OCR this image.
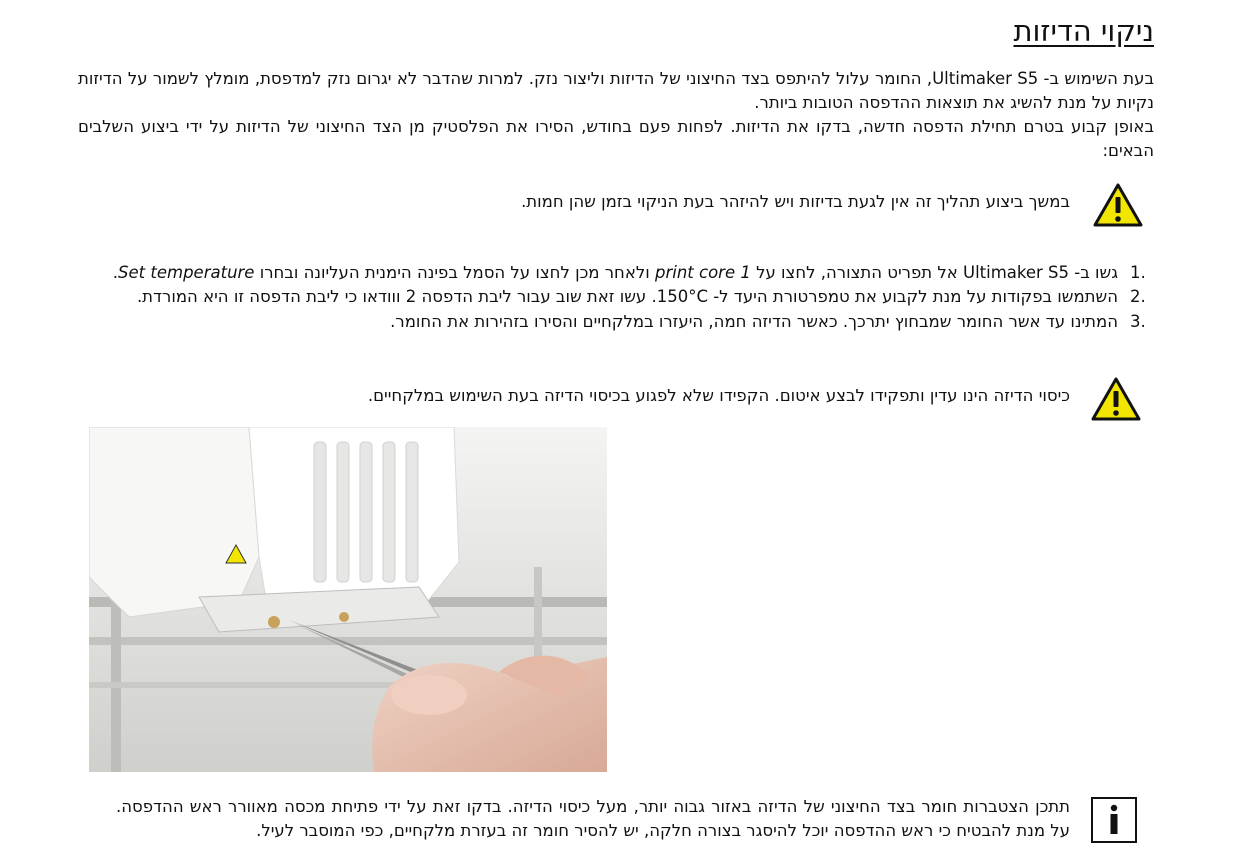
ניקוי הדיזות

בעת השימוש ב- Ultimaker S5, החומר עלול להיתפס בצד החיצוני של הדיזות וליצור נזק. למרות שהדבר לא יגרום נזק למדפסת, מומלץ לשמור על הדיזות נקיות על מנת להשיג את תוצאות ההדפסה הטובות ביותר.

באופן קבוע בטרם תחילת הדפסה חדשה, בדקו את הדיזות. לפחות פעם בחודש, הסירו את הפלסטיק מן הצד החיצוני של הדיזות על ידי ביצוע השלבים הבאים:

במשך ביצוע תהליך זה אין לגעת בדיזות ויש להיזהר בעת הניקוי בזמן שהן חמות.
1.
גשו ב- Ultimaker S5 אל תפריט התצורה, לחצו על print core 1 ולאחר מכן לחצו על הסמל בפינה הימנית העליונה ובחרו Set temperature.
2.
השתמשו בפקודות על מנת לקבוע את טמפרטורת היעד ל- 150°C. עשו זאת שוב עבור ליבת הדפסה 2 ווודאו כי ליבת הדפסה זו היא המורדת.
3.
המתינו עד אשר החומר שמבחוץ יתרכך. כאשר הדיזה חמה, היעזרו במלקחיים והסירו בזהירות את החומר.
כיסוי הדיזה הינו עדין ותפקידו לבצע איטום. הקפידו שלא לפגוע בכיסוי הדיזה בעת השימוש במלקחיים.

תתכן הצטברות חומר בצד החיצוני של הדיזה באזור גבוה יותר, מעל כיסוי הדיזה. בדקו זאת על ידי פתיחת מכסה מאוורר ראש ההדפסה. על מנת להבטיח כי ראש ההדפסה יוכל להיסגר בצורה חלקה, יש להסיר חומר זה בעזרת מלקחיים, כפי המוסבר לעיל.
